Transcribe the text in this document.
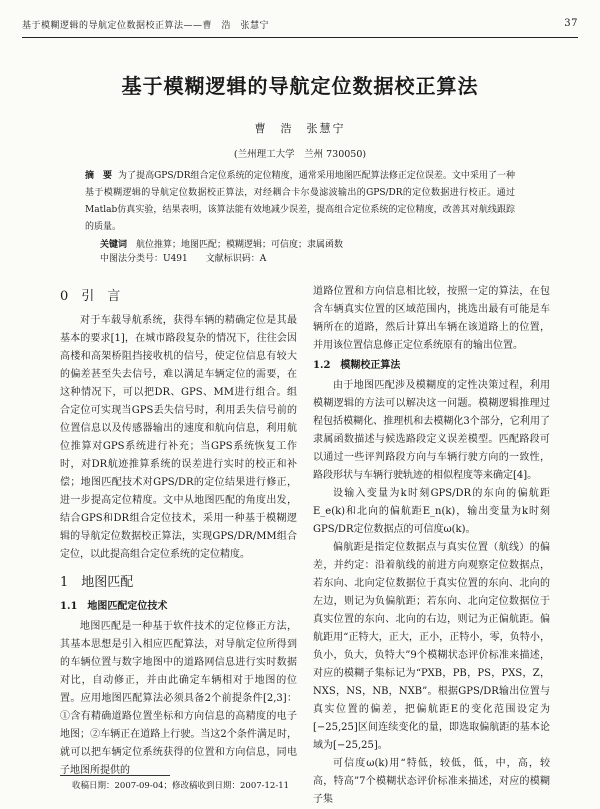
基于模糊逻辑的导航定位数据校正算法——曹　浩　张慧宁	37
基于模糊逻辑的导航定位数据校正算法
曹　浩　张慧宁
(兰州理工大学　兰州 730050)
摘　要 为了提高GPS/DR组合定位系统的定位精度，通常采用地图匹配算法修正定位误差。文中采用了一种基于模糊逻辑的导航定位数据校正算法，对经耦合卡尔曼滤波输出的GPS/DR的定位数据进行校正。通过Matlab仿真实验，结果表明，该算法能有效地减少误差，提高组合定位系统的定位精度，改善其对航线跟踪的质量。
关键词　 航位推算；地图匹配；模糊逻辑；可信度；隶属函数
中图法分类号：U491　　文献标识码：A

0　引　言

对于车载导航系统，获得车辆的精确定位是其最基本的要求[1]，在城市路段复杂的情况下，往往会因高楼和高架桥阻挡接收机的信号，使定位信息有较大的偏差甚至失去信号，难以满足车辆定位的需要，在这种情况下，可以把DR、GPS、MM进行组合。组合定位可实现当GPS丢失信号时，利用丢失信号前的位置信息以及传感器输出的速度和航向信息，利用航位推算对GPS系统进行补充；当GPS系统恢复工作时，对DR航迹推算系统的误差进行实时的校正和补偿；地图匹配技术对GPS/DR的定位结果进行修正，进一步提高定位精度。文中从地图匹配的角度出发，结合GPS和DR组合定位技术，采用一种基于模糊逻辑的导航定位数据校正算法，实现GPS/DR/MM组合定位，以此提高组合定位系统的定位精度。

1　地图匹配

1.1　地图匹配定位技术

地图匹配是一种基于软件技术的定位修正方法，其基本思想是引入相应匹配算法，对导航定位所得到的车辆位置与数字地图中的道路网信息进行实时数据对比，自动修正，并由此确定车辆相对于地图的位置。应用地图匹配算法必须具备2个前提条件[2,3]：①含有精确道路位置坐标和方向信息的高精度的电子地图；②车辆正在道路上行驶。当这2个条件满足时，就可以把车辆定位系统获得的位置和方向信息，同电子地图所提供的

道路位置和方向信息相比较，按照一定的算法，在包含车辆真实位置的区域范围内，挑选出最有可能是车辆所在的道路，然后计算出车辆在该道路上的位置，并用该位置信息修正定位系统原有的输出位置。

1.2　模糊校正算法

由于地图匹配涉及模糊度的定性决策过程，利用模糊逻辑的方法可以解决这一问题。模糊逻辑推理过程包括模糊化、推理机和去模糊化3个部分，它利用了隶属函数描述与候选路段定义误差模型。匹配路段可以通过一些评判路段方向与车辆行驶方向的一致性，路段形状与车辆行驶轨迹的相似程度等来确定[4]。

设输入变量为k时刻GPS/DR的东向的偏航距E_e(k)和北向的偏航距E_n(k)，输出变量为k时刻GPS/DR定位数据点的可信度ω(k)。

偏航距是指定位数据点与真实位置（航线）的偏差，并约定：沿着航线的前进方向观察定位数据点，若东向、北向定位数据位于真实位置的东向、北向的左边，则记为负偏航距；若东向、北向定位数据位于真实位置的东向、北向的右边，则记为正偏航距。偏航距用“正特大，正大，正小，正特小，零，负特小，负小，负大，负特大”9个模糊状态评价标准来描述，对应的模糊子集标记为“PXB，PB，PS，PXS，Z，NXS，NS，NB，NXB”。根据GPS/DR输出位置与真实位置的偏差，把偏航距E的变化范围设定为[−25,25]区间连续变化的量，即选取偏航距的基本论域为[−25,25]。

可信度ω(k)用“特低，较低，低，中，高，较高，特高”7个模糊状态评价标准来描述，对应的模糊子集

收稿日期：2007-09-04；修改稿收到日期：2007-12-11
